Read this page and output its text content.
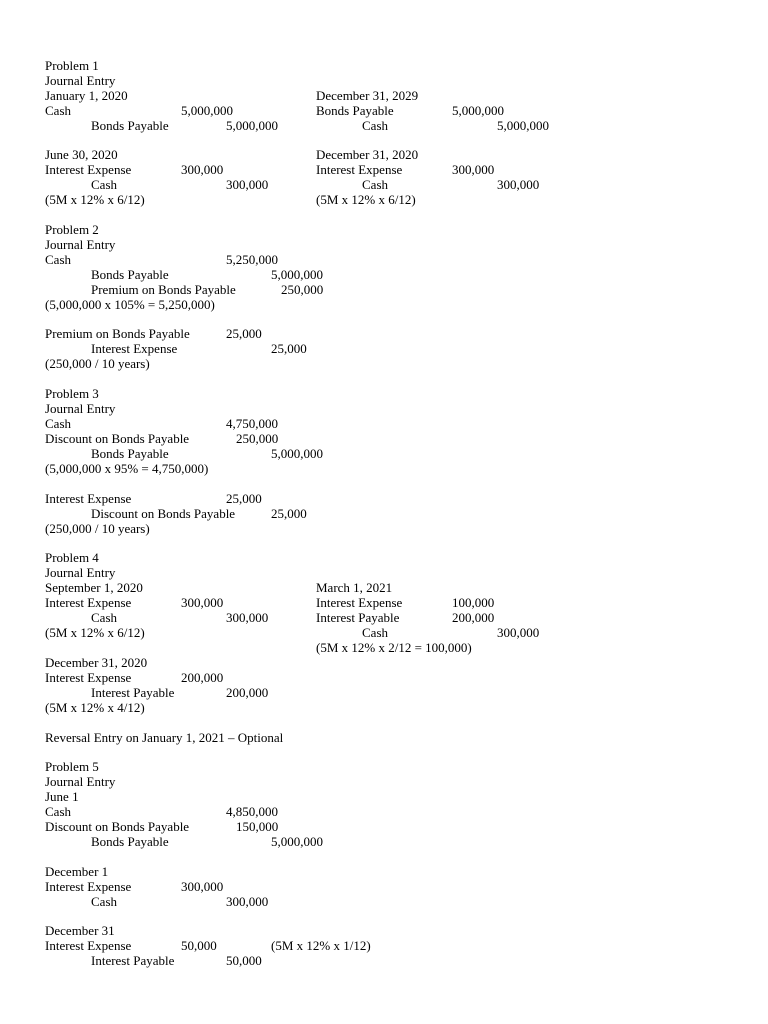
Problem 1
Journal Entry
January 1, 2020
Cash	5,000,000
Bonds Payable	5,000,000
December 31, 2029
Bonds Payable	5,000,000
Cash	5,000,000
June 30, 2020
Interest Expense	300,000
Cash	300,000
(5M x 12% x 6/12)
December 31, 2020
Interest Expense	300,000
Cash	300,000
(5M x 12% x 6/12)
Problem 2
Journal Entry
Cash	5,250,000
Bonds Payable	5,000,000
Premium on Bonds Payable	250,000
(5,000,000 x 105% = 5,250,000)
Premium on Bonds Payable	25,000
Interest Expense	25,000
(250,000 / 10 years)
Problem 3
Journal Entry
Cash	4,750,000
Discount on Bonds Payable	250,000
Bonds Payable	5,000,000
(5,000,000 x 95% = 4,750,000)
Interest Expense	25,000
Discount on Bonds Payable	25,000
(250,000 / 10 years)
Problem 4
Journal Entry
September 1, 2020
Interest Expense	300,000
Cash	300,000
(5M x 12% x 6/12)
March 1, 2021
Interest Expense	100,000
Interest Payable	200,000
Cash	300,000
(5M x 12% x 2/12 = 100,000)
December 31, 2020
Interest Expense	200,000
Interest Payable	200,000
(5M x 12% x 4/12)
Reversal Entry on January 1, 2021 – Optional
Problem 5
Journal Entry
June 1
Cash	4,850,000
Discount on Bonds Payable	150,000
Bonds Payable	5,000,000
December 1
Interest Expense	300,000
Cash	300,000
December 31
Interest Expense	50,000	(5M x 12% x 1/12)
Interest Payable	50,000
